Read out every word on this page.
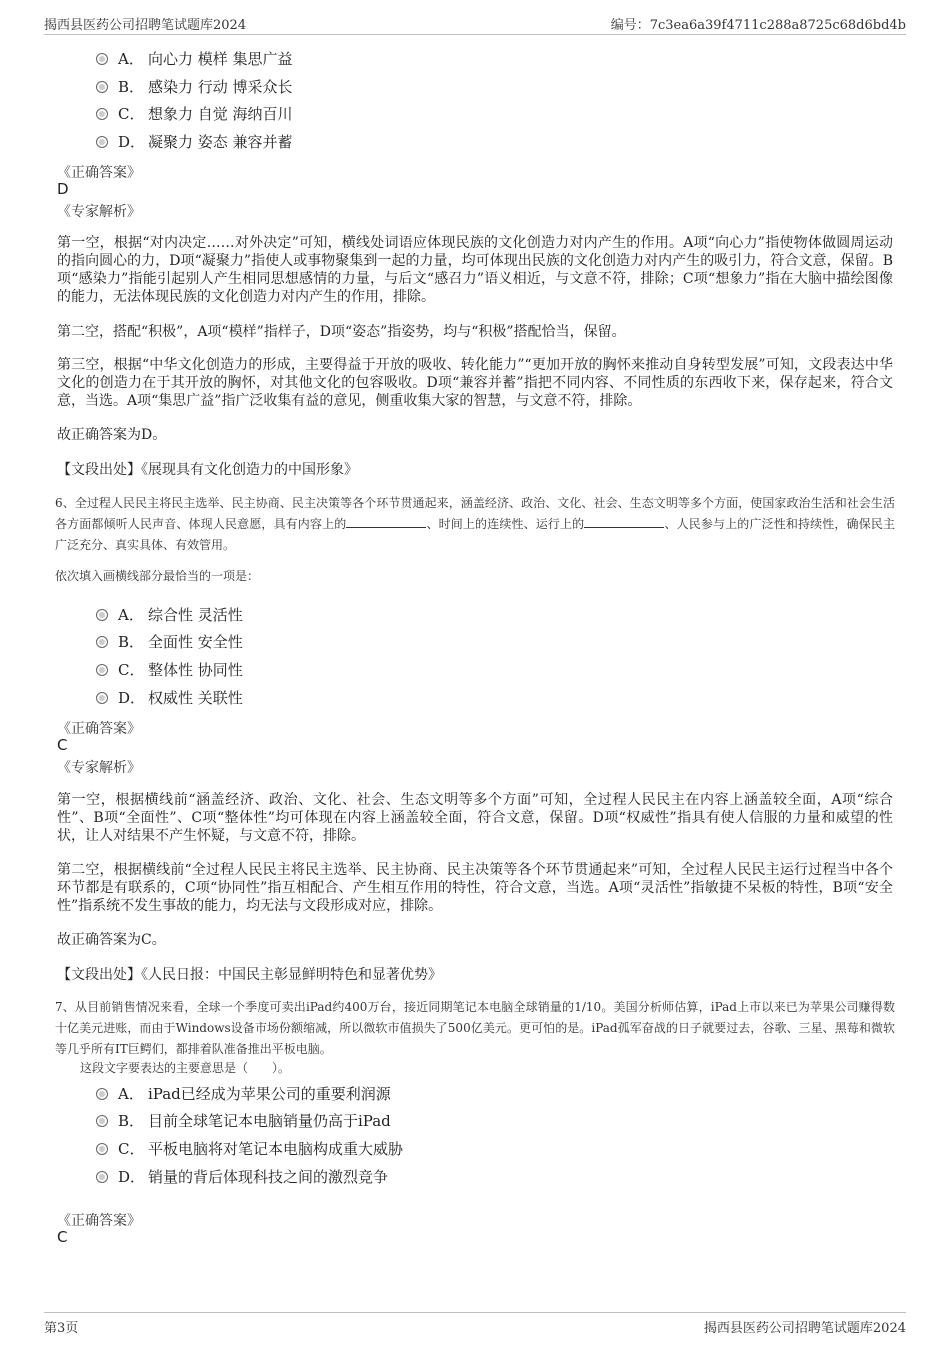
揭西县医药公司招聘笔试题库2024	编号：7c3ea6a39f4711c288a8725c68d6bd4b
A． 向心力 模样 集思广益
B． 感染力 行动 博采众长
C． 想象力 自觉 海纳百川
D． 凝聚力 姿态 兼容并蓄
《正确答案》
D
《专家解析》
第一空，根据“对内决定……对外决定”可知，横线处词语应体现民族的文化创造力对内产生的作用。A项“向心力”指使物体做圆周运动的指向圆心的力，D项“凝聚力”指使人或事物聚集到一起的力量，均可体现出民族的文化创造力对内产生的吸引力，符合文意，保留。B项“感染力”指能引起别人产生相同思想感情的力量，与后文“感召力”语义相近，与文意不符，排除；C项“想象力”指在大脑中描绘图像的能力，无法体现民族的文化创造力对内产生的作用，排除。
第二空，搭配“积极”，A项“模样”指样子，D项“姿态”指姿势，均与“积极”搭配恰当，保留。
第三空，根据“中华文化创造力的形成，主要得益于开放的吸收、转化能力”“更加开放的胸怀来推动自身转型发展”可知，文段表达中华文化的创造力在于其开放的胸怀，对其他文化的包容吸收。D项“兼容并蓄”指把不同内容、不同性质的东西收下来，保存起来，符合文意，当选。A项“集思广益”指广泛收集有益的意见，侧重收集大家的智慧，与文意不符，排除。
故正确答案为D。
【文段出处】《展现具有文化创造力的中国形象》
6、全过程人民民主将民主选举、民主协商、民主决策等各个环节贯通起来，涵盖经济、政治、文化、社会、生态文明等多个方面，使国家政治生活和社会生活各方面都倾听人民声音、体现人民意愿，具有内容上的	、时间上的连续性、运行上的	、人民参与上的广泛性和持续性，确保民主广泛充分、真实具体、有效管用。
依次填入画横线部分最恰当的一项是：
A． 综合性 灵活性
B． 全面性 安全性
C． 整体性 协同性
D． 权威性 关联性
《正确答案》
C
《专家解析》
第一空，根据横线前“涵盖经济、政治、文化、社会、生态文明等多个方面”可知，全过程人民民主在内容上涵盖较全面，A项“综合性”、B项“全面性”、C项“整体性”均可体现在内容上涵盖较全面，符合文意，保留。D项“权威性”指具有使人信服的力量和威望的性状，让人对结果不产生怀疑，与文意不符，排除。
第二空，根据横线前“全过程人民民主将民主选举、民主协商、民主决策等各个环节贯通起来”可知，全过程人民民主运行过程当中各个环节都是有联系的，C项“协同性”指互相配合、产生相互作用的特性，符合文意，当选。A项“灵活性”指敏捷不呆板的特性，B项“安全性”指系统不发生事故的能力，均无法与文段形成对应，排除。
故正确答案为C。
【文段出处】《人民日报：中国民主彰显鲜明特色和显著优势》
7、从目前销售情况来看，全球一个季度可卖出iPad约400万台，接近同期笔记本电脑全球销量的1/10。美国分析师估算，iPad上市以来已为苹果公司赚得数十亿美元进账，而由于Windows设备市场份额缩减，所以微软市值损失了500亿美元。更可怕的是。iPad孤军奋战的日子就要过去，谷歌、三星、黑莓和微软等几乎所有IT巨鳄们，都排着队准备推出平板电脑。
这段文字要表达的主要意思是（　　）。
A． iPad已经成为苹果公司的重要利润源
B． 目前全球笔记本电脑销量仍高于iPad
C． 平板电脑将对笔记本电脑构成重大威胁
D． 销量的背后体现科技之间的激烈竞争
《正确答案》
C
第3页	揭西县医药公司招聘笔试题库2024
